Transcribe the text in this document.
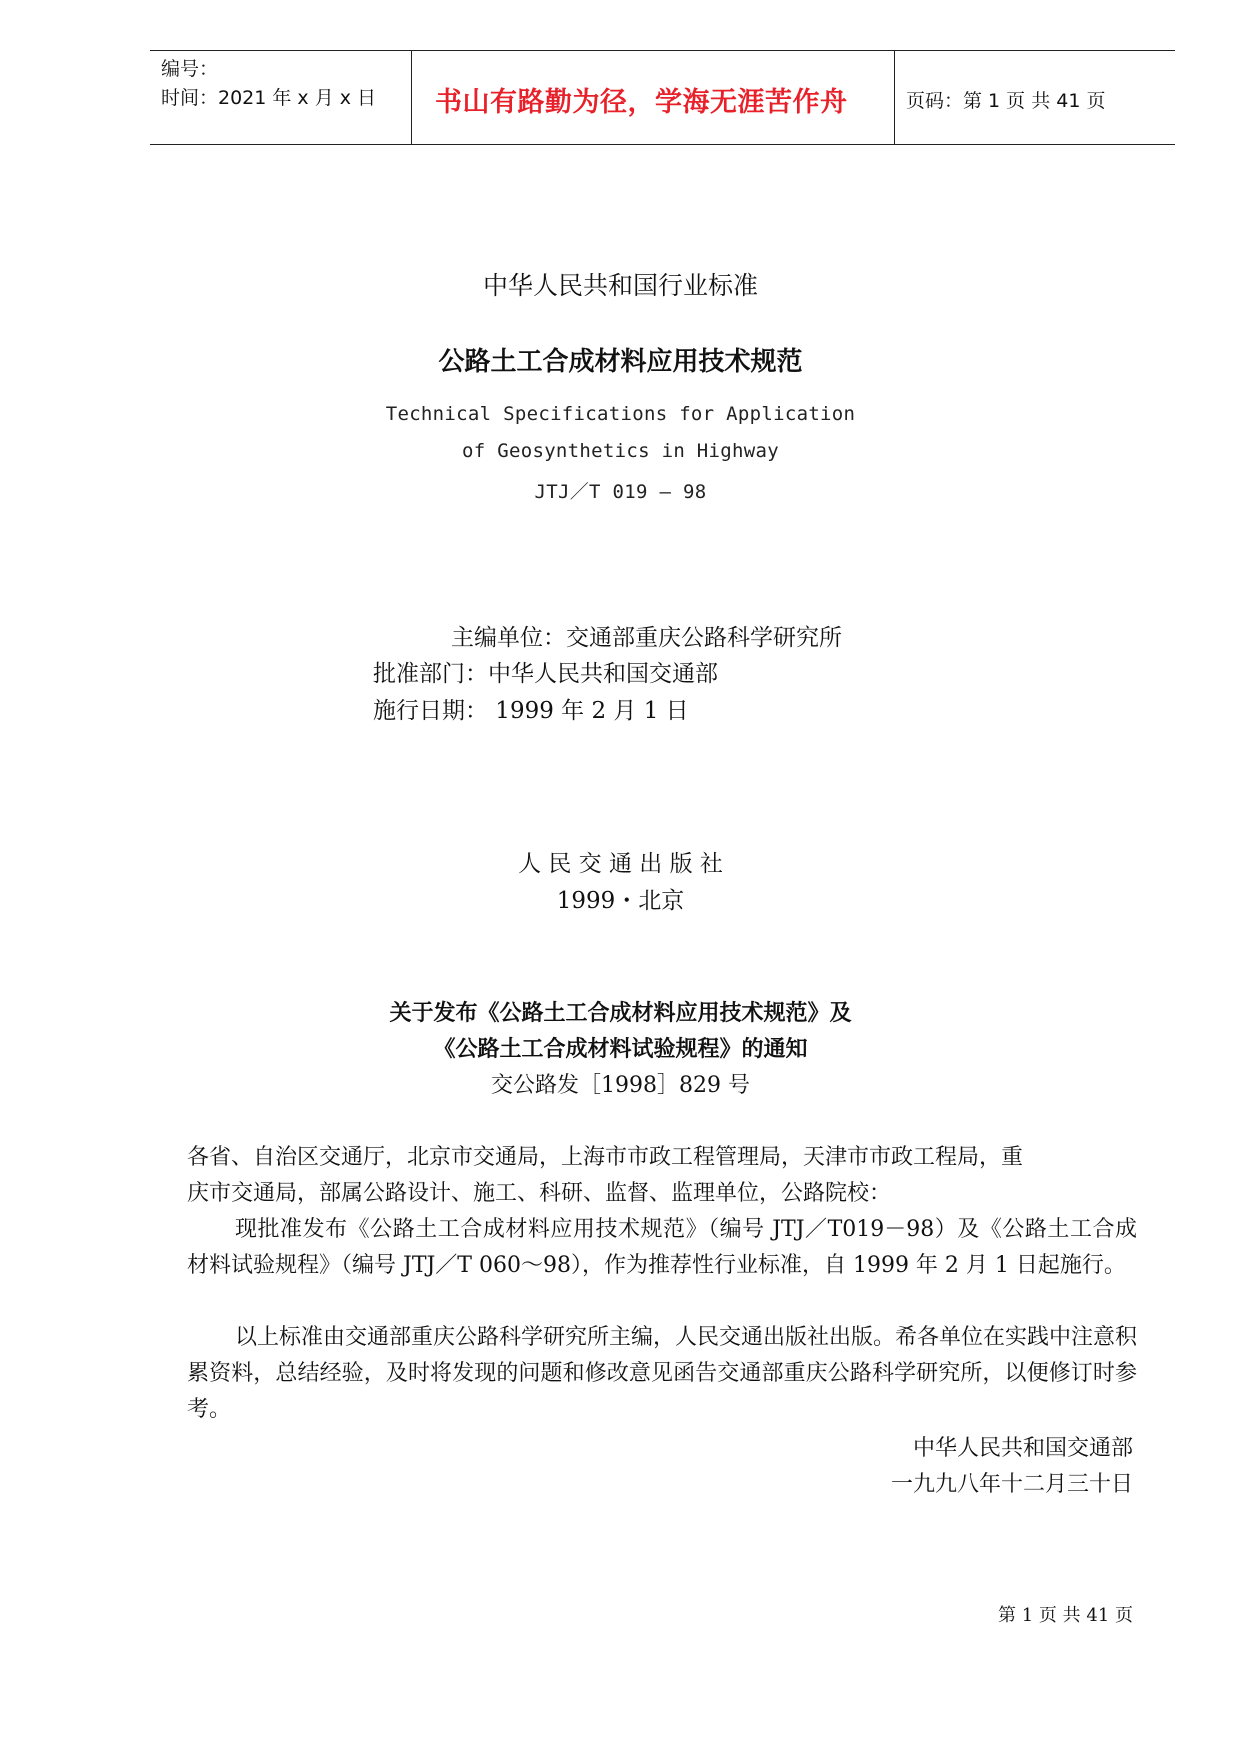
编号：
时间：2021 年 x 月 x 日 书山有路勤为径，学海无涯苦作舟	页码：第 1 页 共 41 页
中华人民共和国行业标准
公路土工合成材料应用技术规范
Technical Specifications for Application
of Geosynthetics in Highway
JTJ／T 019 — 98
主编单位：交通部重庆公路科学研究所
批准部门：中华人民共和国交通部
施行日期： 1999 年 2 月 1 日
人 民 交 通 出 版 社
1999・北京
关于发布《公路土工合成材料应用技术规范》及
《公路土工合成材料试验规程》的通知
交公路发［1998］829 号
各省、自治区交通厅，北京市交通局，上海市市政工程管理局，天津市市政工程局，重
庆市交通局，部属公路设计、施工、科研、监督、监理单位，公路院校：
现批准发布《公路土工合成材料应用技术规范》（编号 JTJ／T019－98）及《公路土工合成材料试验规程》（编号 JTJ／T 060～98），作为推荐性行业标准，自 1999 年 2 月 1 日起施行。
以上标准由交通部重庆公路科学研究所主编，人民交通出版社出版。希各单位在实践中注意积累资料，总结经验，及时将发现的问题和修改意见函告交通部重庆公路科学研究所，以便修订时参考。
中华人民共和国交通部
一九九八年十二月三十日
第 1 页 共 41 页
